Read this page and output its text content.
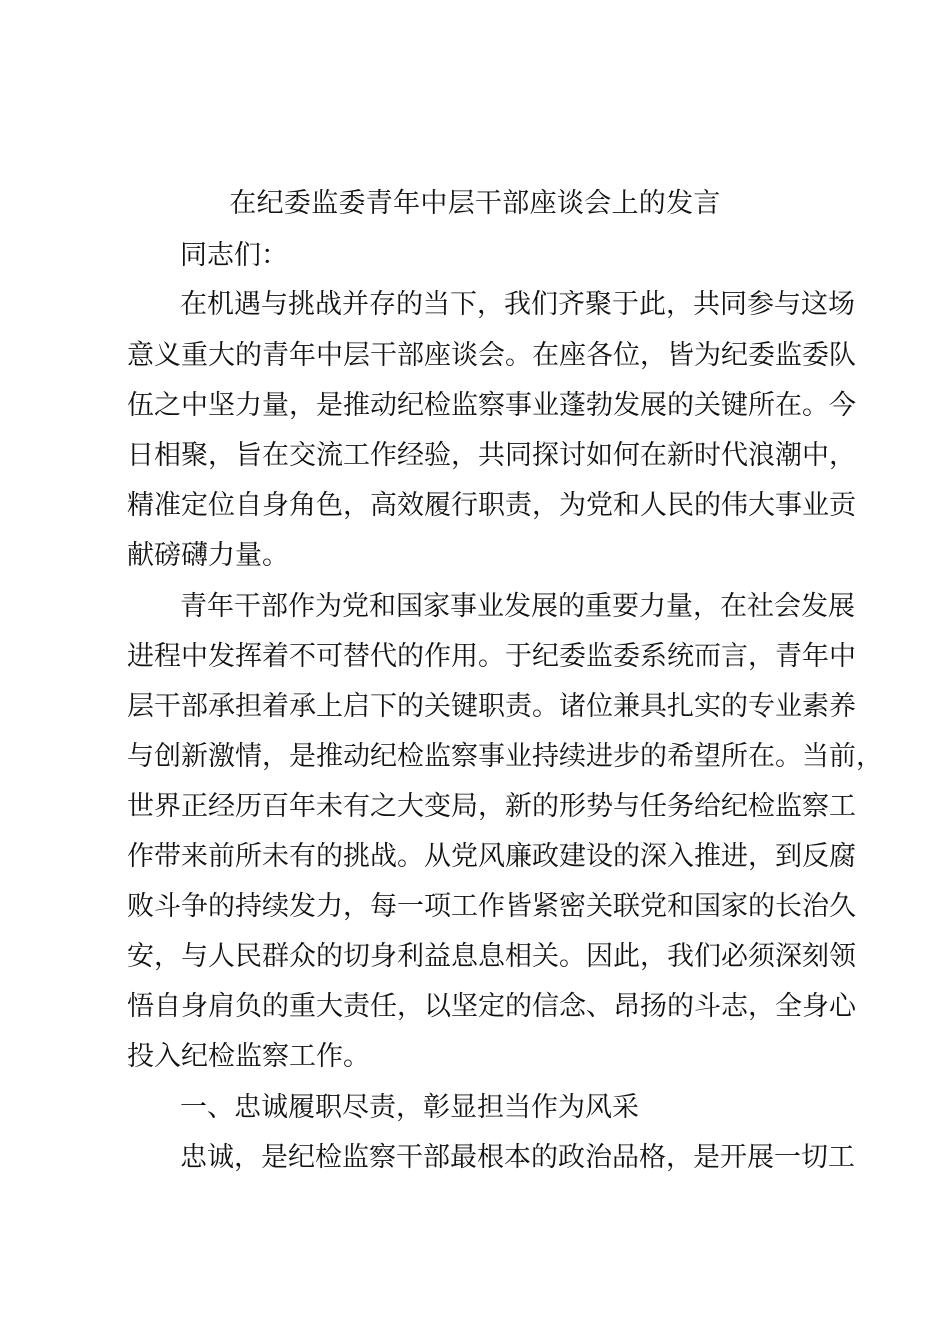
在纪委监委青年中层干部座谈会上的发言

同志们：

在机遇与挑战并存的当下，我们齐聚于此，共同参与这场

意义重大的青年中层干部座谈会。在座各位，皆为纪委监委队

伍之中坚力量，是推动纪检监察事业蓬勃发展的关键所在。今

日相聚，旨在交流工作经验，共同探讨如何在新时代浪潮中，

精准定位自身角色，高效履行职责，为党和人民的伟大事业贡

献磅礴力量。

青年干部作为党和国家事业发展的重要力量，在社会发展

进程中发挥着不可替代的作用。于纪委监委系统而言，青年中

层干部承担着承上启下的关键职责。诸位兼具扎实的专业素养

与创新激情，是推动纪检监察事业持续进步的希望所在。当前，

世界正经历百年未有之大变局，新的形势与任务给纪检监察工

作带来前所未有的挑战。从党风廉政建设的深入推进，到反腐

败斗争的持续发力，每一项工作皆紧密关联党和国家的长治久

安，与人民群众的切身利益息息相关。因此，我们必须深刻领

悟自身肩负的重大责任，以坚定的信念、昂扬的斗志，全身心

投入纪检监察工作。

一、忠诚履职尽责，彰显担当作为风采

忠诚，是纪检监察干部最根本的政治品格，是开展一切工
